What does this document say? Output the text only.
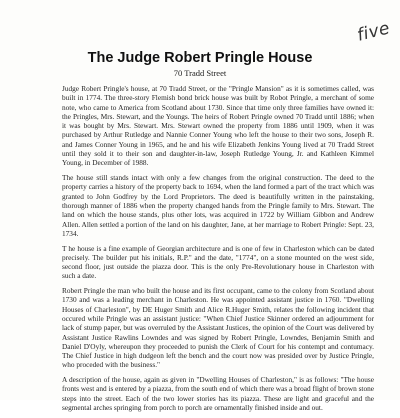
five
The Judge Robert Pringle House

70 Tradd Street

Judge Robert Pringle's house, at 70 Tradd Street, or the "Pringle Mansion" as it is sometimes called, was built in 1774. The three-story Flemish bond brick house was built by Robot Pringle, a merchant of some note, who came to America from Scotland about 1730. Since that time only three families have owned it: the Pringles, Mrs. Stewart, and the Youngs. The heirs of Robert Pringle owned 70 Tradd until 1886; when it was bought by Mrs. Stewart. Mrs. Stewart owned the property from 1886 until 1909, when it was purchased by Arthur Rutledge and Nannie Conner Young who left the house to their two sons, Joseph R. and James Conner Young in 1965, and he and his wife Elizabeth Jenkins Young lived at 70 Tradd Street until they sold it to their son and daughter-in-law, Joseph Rutledge Young, Jr. and Kathleen Kimmel Young, in December of 1988.

The house still stands intact with only a few changes from the original construction. The deed to the property carries a history of the property back to 1694, when the land formed a part of the tract which was granted to John Godfrey by the Lord Proprietors. The deed is beautifully written in the painstaking, thorough manner of 1886 when the property changed hands from the Pringle family to Mrs. Stewart. The land on which the house stands, plus other lots, was acquired in 1722 by William Gibbon and Andrew Allen. Allen settled a portion of the land on his daughter, Jane, at her marriage to Robert Pringle: Sept. 23, 1734.

T he house is a fine example of Georgian architecture and is one of few in Charleston which can be dated precisely. The builder put his initials, R.P." and the date, "1774", on a stone mounted on the west side, second floor, just outside the piazza door. This is the only Pre-Revolutionary house in Charleston with such a date.

Robert Pringle the man who built the house and its first occupant, came to the colony from Scotland about 1730 and was a leading merchant in Charleston. He was appointed assistant justice in 1760. "Dwelling Houses of Charleston", by DE Huger Smith and Alice R.Huger Smith, relates the following incident that occured while Pringle was an assistant justice: "When Chief Justice Skinner ordered an adjournment for lack of stump paper, but was overruled by the Assistant Justices, the opinion of the Court was delivered by Assistant Justice Rawlins Lowndes and was signed by Robert Pringle, Lowndes, Benjamin Smith and Daniel D'Oyly, whereupon they proceeded to punish the Clerk of Court for his contempt and contumacy. The Chief Justice in high dudgeon left the bench and the court now was presided over by Justice Pringle, who proceded with the business."

A description of the house, again as given in "Dwelling Houses of Charleston," is as follows: "The house fronts west and is entered by a piazza, from the south end of which there was a broad flight of brown stone steps into the street. Each of the two lower stories has its piazza. These are light and graceful and the segmental arches springing from porch to porch are ornamentally finished inside and out.
